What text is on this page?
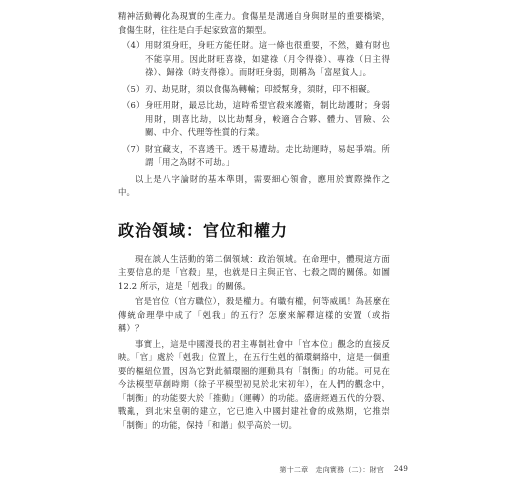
精神活動轉化為現實的生產力。食傷星是溝通自身與財星的重要橋梁，食傷生財，往往是白手起家致富的類型。

（4） 用財須身旺，身旺方能任財。這一條也很重要，不然，雖有財也不能享用。因此財旺喜祿，如建祿（月令得祿）、專祿（日主得祿）、歸祿（時支得祿）。而財旺身弱，則稱為「富屋貧人」。
（5） 刃、劫見財，須以食傷為轉輸；印綬幫身，須財，印不相礙。
（6） 身旺用財，最忌比劫，這時希望官殺來護衛，制比劫護財；身弱用財，則喜比劫，以比劫幫身，較適合合夥、體力、冒險、公關、中介、代理等性質的行業。
（7） 財宜藏支，不喜透干。透干易遭劫。走比劫運時，易起爭端。所謂「用之為財不可劫。」

以上是八字論財的基本準則，需要細心領會，應用於實際操作之中。

政治領域：官位和權力

現在談人生活動的第二個領域：政治領域。在命理中，體現這方面主要信息的是「官殺」星，也就是日主與正官、七殺之間的關係。如圖 12.2 所示，這是「剋我」的關係。

官是官位（官方職位），殺是權力。有職有權，何等威風！為甚麼在傳統命理學中成了「剋我」的五行？怎麼來解釋這樣的安置（或指稱）？

事實上，這是中國漫長的君主專制社會中「官本位」觀念的直接反映。「官」處於「剋我」位置上，在五行生剋的循環網絡中，這是一個重要的樞紐位置，因為它對此循環圈的運動具有「制衡」的功能。可見在今法模型草創時期（徐子平模型初見於北宋初年），在人們的觀念中，「制衡」的功能要大於「推動」（運轉）的功能。盛唐經過五代的分裂、戰亂，到北宋皇朝的建立，它已進入中國封建社會的成熟期，它推崇「制衡」的功能，保持「和諧」似乎高於一切。

第十二章　走向實務（二）：財官 249
